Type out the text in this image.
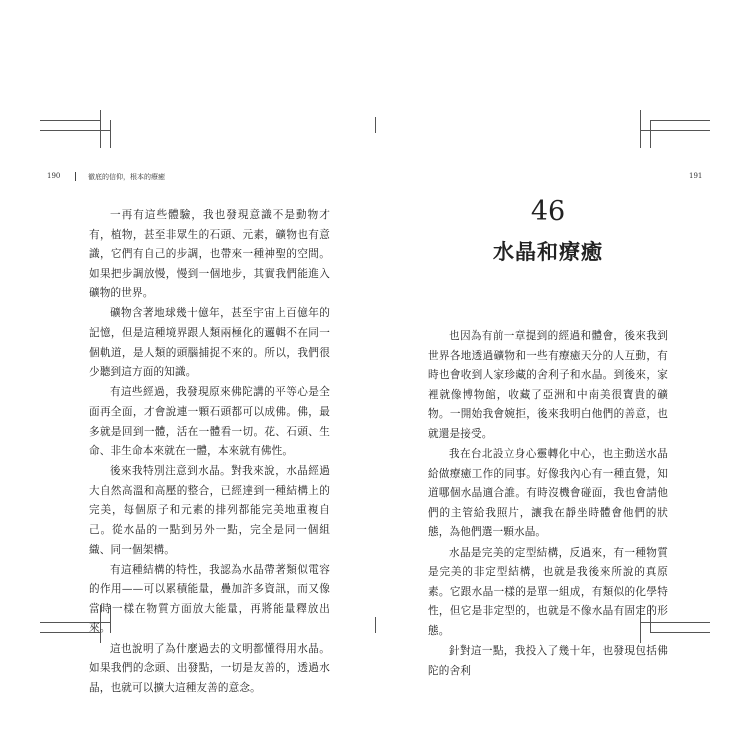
190	徹底的信仰，根本的療癒	191

一再有這些體驗，我也發現意識不是動物才有，植物，甚至非眾生的石頭、元素，礦物也有意識，它們有自己的步調，也帶來一種神聖的空間。如果把步調放慢，慢到一個地步，其實我們能進入礦物的世界。

礦物含著地球幾十億年，甚至宇宙上百億年的記憶，但是這種境界跟人類兩極化的邏輯不在同一個軌道，是人類的頭腦捕捉不來的。所以，我們很少聽到這方面的知識。

有這些經過，我發現原來佛陀講的平等心是全面再全面，才會說連一顆石頭都可以成佛。佛，最多就是回到一體，活在一體看一切。花、石頭、生命、非生命本來就在一體，本來就有佛性。

後來我特別注意到水晶。對我來說，水晶經過大自然高溫和高壓的整合，已經達到一種結構上的完美，每個原子和元素的排列都能完美地重複自己。從水晶的一點到另外一點，完全是同一個組織、同一個架構。

有這種結構的特性，我認為水晶帶著類似電容的作用——可以累積能量，疊加許多資訊，而又像當時一樣在物質方面放大能量，再將能量釋放出來。

這也說明了為什麼過去的文明都懂得用水晶。如果我們的念頭、出發點，一切是友善的，透過水晶，也就可以擴大這種友善的意念。

46
水晶和療癒

也因為有前一章提到的經過和體會，後來我到世界各地透過礦物和一些有療癒天分的人互動，有時也會收到人家珍藏的舍利子和水晶。到後來，家裡就像博物館，收藏了亞洲和中南美很寶貴的礦物。一開始我會婉拒，後來我明白他們的善意，也就還是接受。

我在台北設立身心靈轉化中心，也主動送水晶給做療癒工作的同事。好像我內心有一種直覺，知道哪個水晶適合誰。有時沒機會碰面，我也會請他們的主管給我照片，讓我在靜坐時體會他們的狀態，為他們選一顆水晶。

水晶是完美的定型結構，反過來，有一種物質是完美的非定型結構，也就是我後來所說的真原素。它跟水晶一樣的是單一組成，有類似的化學特性，但它是非定型的，也就是不像水晶有固定的形態。

針對這一點，我投入了幾十年，也發現包括佛陀的舍利
